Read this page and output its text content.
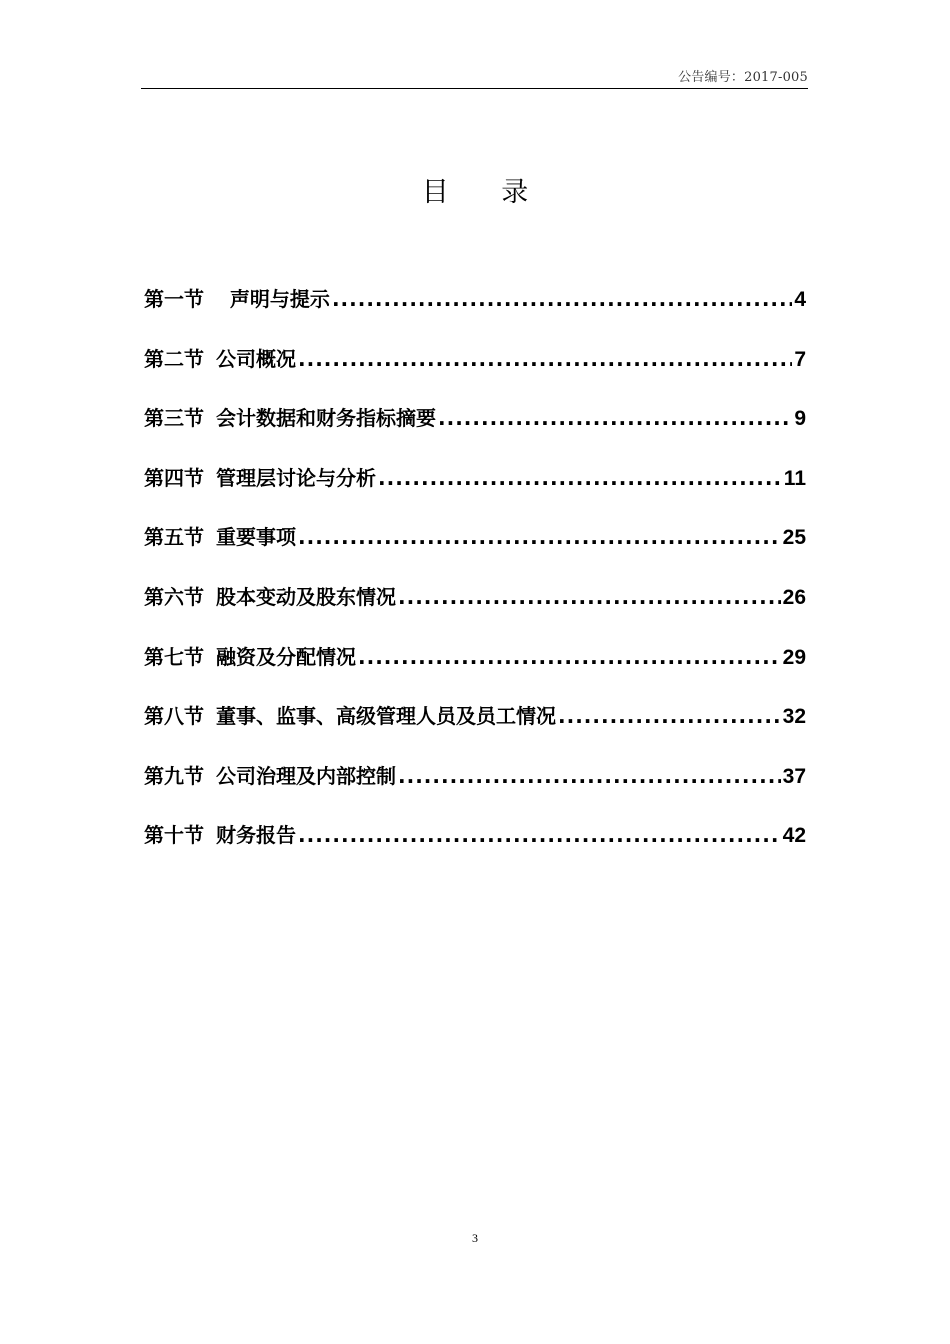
公告编号：2017-005
目 录
第一节 声明与提示 .....	4
第二节 公司概况 .....	7
第三节 会计数据和财务指标摘要 .....	9
第四节 管理层讨论与分析 .....	11
第五节 重要事项 .....	25
第六节 股本变动及股东情况 .....	26
第七节 融资及分配情况 .....	29
第八节 董事、监事、高级管理人员及员工情况 .....	32
第九节 公司治理及内部控制 .....	37
第十节 财务报告 .....	42
3
